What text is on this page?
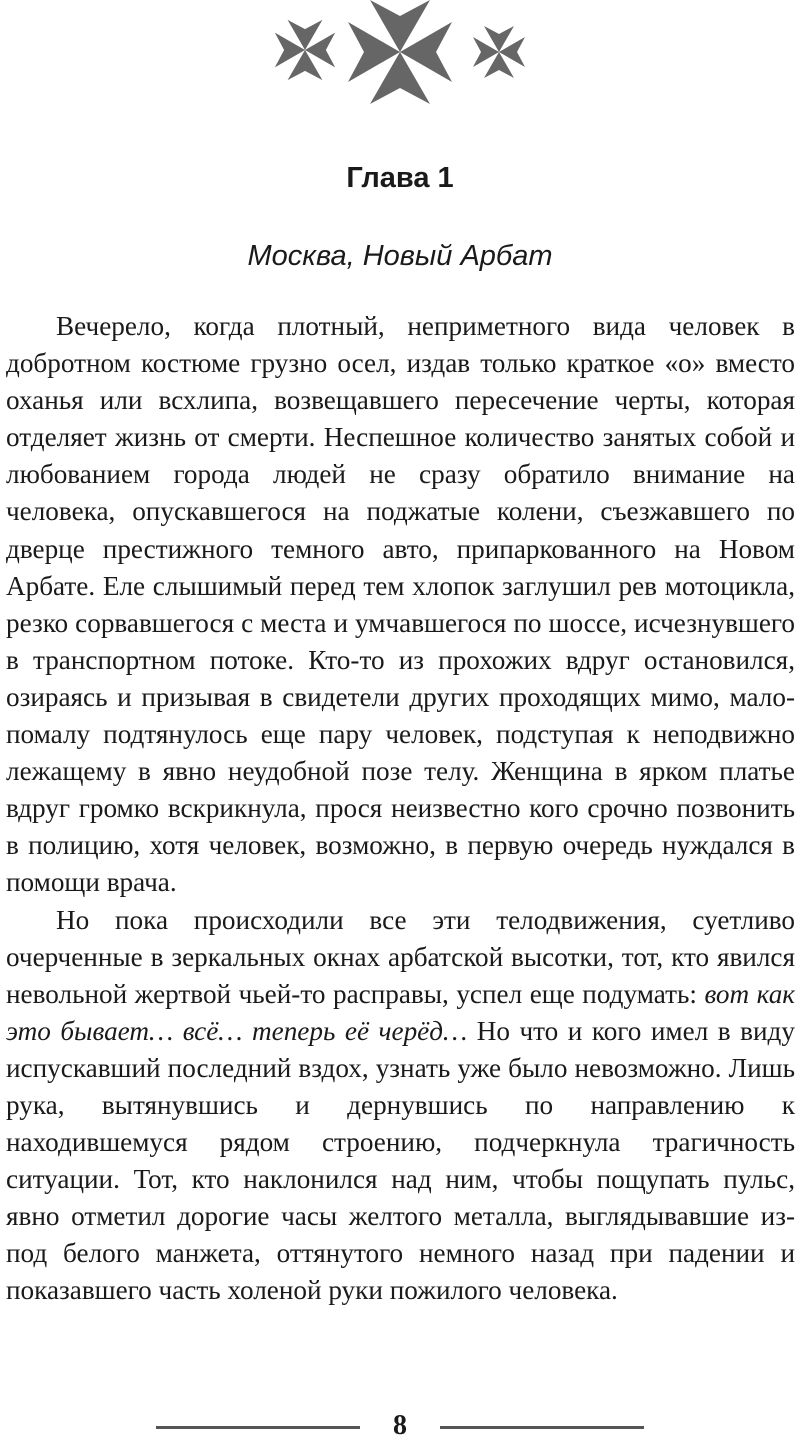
Глава 1
Москва, Новый Арбат

Вечерело, когда плотный, неприметного вида человек в добротном костюме грузно осел, издав только краткое «о» вместо оханья или всхлипа, возвещавшего пересечение черты, которая отделяет жизнь от смерти. Неспешное количество занятых собой и любованием города людей не сразу обратило внимание на человека, опускавшегося на поджатые колени, съезжавшего по дверце престижного темного авто, припаркованного на Новом Арбате. Еле слышимый перед тем хлопок заглушил рев мотоцикла, резко сорвавшегося с места и умчавшегося по шоссе, исчезнувшего в транспортном потоке. Кто-то из прохожих вдруг остановился, озираясь и призывая в свидетели других проходящих мимо, мало-помалу подтянулось еще пару человек, подступая к неподвижно лежащему в явно неудобной позе телу. Женщина в ярком платье вдруг громко вскрикнула, прося неизвестно кого срочно позвонить в полицию, хотя человек, возможно, в первую очередь нуждался в помощи врача.

Но пока происходили все эти телодвижения, суетливо очерченные в зеркальных окнах арбатской высотки, тот, кто явился невольной жертвой чьей-то расправы, успел еще подумать: вот как это бывает… всё… теперь её черёд… Но что и кого имел в виду испускавший последний вздох, узнать уже было невозможно. Лишь рука, вытянувшись и дернувшись по направлению к находившемуся рядом строению, подчеркнула трагичность ситуации. Тот, кто наклонился над ним, чтобы пощупать пульс, явно отметил дорогие часы желтого металла, выглядывавшие из-под белого манжета, оттянутого немного назад при падении и показавшего часть холеной руки пожилого человека.

8
